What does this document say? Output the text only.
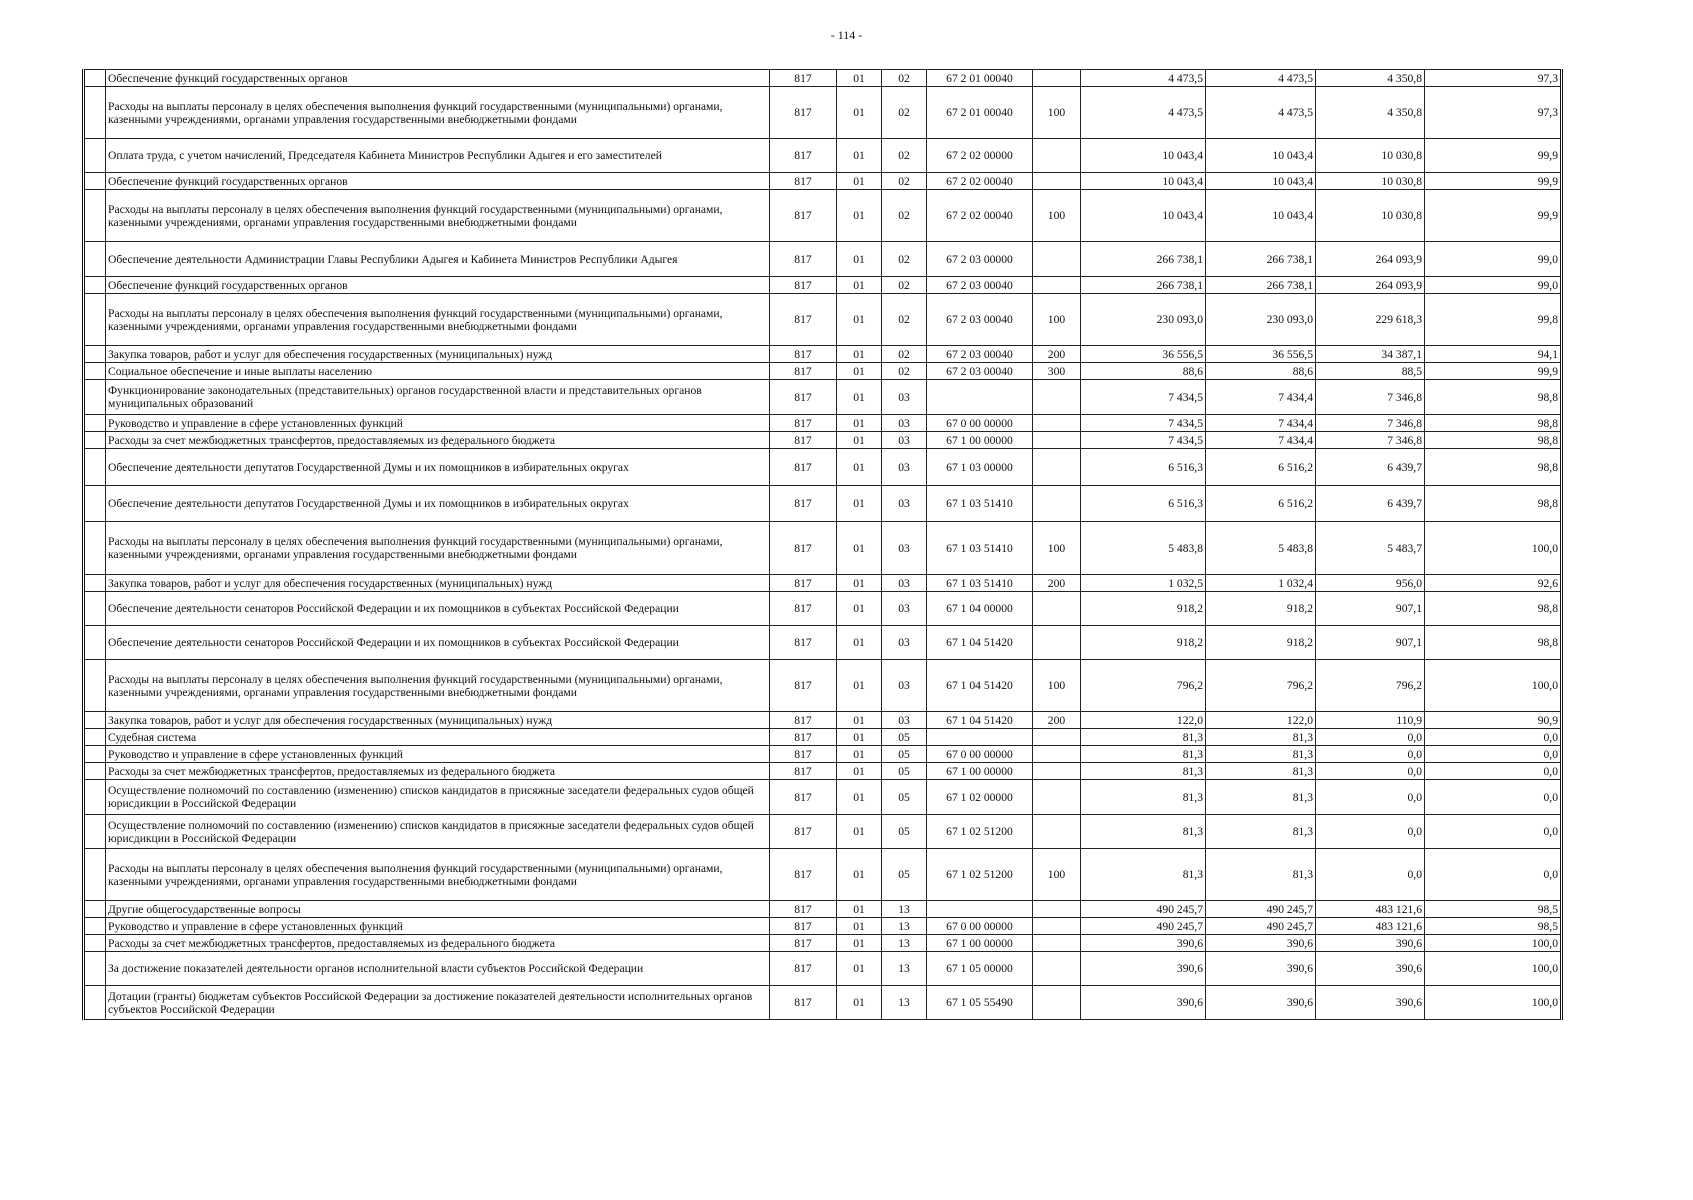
- 114 -
	Обеспечение функций государственных органов	817	01	02	67 2 01 00040		4 473,5	4 473,5	4 350,8	97,3
	Расходы на выплаты персоналу в целях обеспечения выполнения функций государственными (муниципальными) органами, казенными учреждениями, органами управления государственными внебюджетными фондами	817	01	02	67 2 01 00040	100	4 473,5	4 473,5	4 350,8	97,3
	Оплата труда, с учетом начислений, Председателя Кабинета Министров Республики Адыгея и его заместителей	817	01	02	67 2 02 00000		10 043,4	10 043,4	10 030,8	99,9
	Обеспечение функций государственных органов	817	01	02	67 2 02 00040		10 043,4	10 043,4	10 030,8	99,9
	Расходы на выплаты персоналу в целях обеспечения выполнения функций государственными (муниципальными) органами, казенными учреждениями, органами управления государственными внебюджетными фондами	817	01	02	67 2 02 00040	100	10 043,4	10 043,4	10 030,8	99,9
	Обеспечение деятельности Администрации Главы Республики Адыгея и Кабинета Министров Республики Адыгея	817	01	02	67 2 03 00000		266 738,1	266 738,1	264 093,9	99,0
	Обеспечение функций государственных органов	817	01	02	67 2 03 00040		266 738,1	266 738,1	264 093,9	99,0
	Расходы на выплаты персоналу в целях обеспечения выполнения функций государственными (муниципальными) органами, казенными учреждениями, органами управления государственными внебюджетными фондами	817	01	02	67 2 03 00040	100	230 093,0	230 093,0	229 618,3	99,8
	Закупка товаров, работ и услуг для обеспечения государственных (муниципальных) нужд	817	01	02	67 2 03 00040	200	36 556,5	36 556,5	34 387,1	94,1
	Социальное обеспечение и иные выплаты населению	817	01	02	67 2 03 00040	300	88,6	88,6	88,5	99,9
	Функционирование законодательных (представительных) органов государственной власти и представительных органов муниципальных образований	817	01	03			7 434,5	7 434,4	7 346,8	98,8
	Руководство и управление в сфере установленных функций	817	01	03	67 0 00 00000		7 434,5	7 434,4	7 346,8	98,8
	Расходы за счет межбюджетных трансфертов, предоставляемых из федерального бюджета	817	01	03	67 1 00 00000		7 434,5	7 434,4	7 346,8	98,8
	Обеспечение деятельности депутатов Государственной Думы и их помощников в избирательных округах	817	01	03	67 1 03 00000		6 516,3	6 516,2	6 439,7	98,8
	Обеспечение деятельности депутатов Государственной Думы и их помощников в избирательных округах	817	01	03	67 1 03 51410		6 516,3	6 516,2	6 439,7	98,8
	Расходы на выплаты персоналу в целях обеспечения выполнения функций государственными (муниципальными) органами, казенными учреждениями, органами управления государственными внебюджетными фондами	817	01	03	67 1 03 51410	100	5 483,8	5 483,8	5 483,7	100,0
	Закупка товаров, работ и услуг для обеспечения государственных (муниципальных) нужд	817	01	03	67 1 03 51410	200	1 032,5	1 032,4	956,0	92,6
	Обеспечение деятельности сенаторов Российской Федерации и их помощников в субъектах Российской Федерации	817	01	03	67 1 04 00000		918,2	918,2	907,1	98,8
	Обеспечение деятельности сенаторов Российской Федерации и их помощников в субъектах Российской Федерации	817	01	03	67 1 04 51420		918,2	918,2	907,1	98,8
	Расходы на выплаты персоналу в целях обеспечения выполнения функций государственными (муниципальными) органами, казенными учреждениями, органами управления государственными внебюджетными фондами	817	01	03	67 1 04 51420	100	796,2	796,2	796,2	100,0
	Закупка товаров, работ и услуг для обеспечения государственных (муниципальных) нужд	817	01	03	67 1 04 51420	200	122,0	122,0	110,9	90,9
	Судебная система	817	01	05			81,3	81,3	0,0	0,0
	Руководство и управление в сфере установленных функций	817	01	05	67 0 00 00000		81,3	81,3	0,0	0,0
	Расходы за счет межбюджетных трансфертов, предоставляемых из федерального бюджета	817	01	05	67 1 00 00000		81,3	81,3	0,0	0,0
	Осуществление полномочий по составлению (изменению) списков кандидатов в присяжные заседатели федеральных судов общей юрисдикции в Российской Федерации	817	01	05	67 1 02 00000		81,3	81,3	0,0	0,0
	Осуществление полномочий по составлению (изменению) списков кандидатов в присяжные заседатели федеральных судов общей юрисдикции в Российской Федерации	817	01	05	67 1 02 51200		81,3	81,3	0,0	0,0
	Расходы на выплаты персоналу в целях обеспечения выполнения функций государственными (муниципальными) органами, казенными учреждениями, органами управления государственными внебюджетными фондами	817	01	05	67 1 02 51200	100	81,3	81,3	0,0	0,0
	Другие общегосударственные вопросы	817	01	13			490 245,7	490 245,7	483 121,6	98,5
	Руководство и управление в сфере установленных функций	817	01	13	67 0 00 00000		490 245,7	490 245,7	483 121,6	98,5
	Расходы за счет межбюджетных трансфертов, предоставляемых из федерального бюджета	817	01	13	67 1 00 00000		390,6	390,6	390,6	100,0
	За достижение показателей деятельности органов исполнительной власти субъектов Российской Федерации	817	01	13	67 1 05 00000		390,6	390,6	390,6	100,0
	Дотации (гранты) бюджетам субъектов Российской Федерации за достижение показателей деятельности исполнительных органов субъектов Российской Федерации	817	01	13	67 1 05 55490		390,6	390,6	390,6	100,0
